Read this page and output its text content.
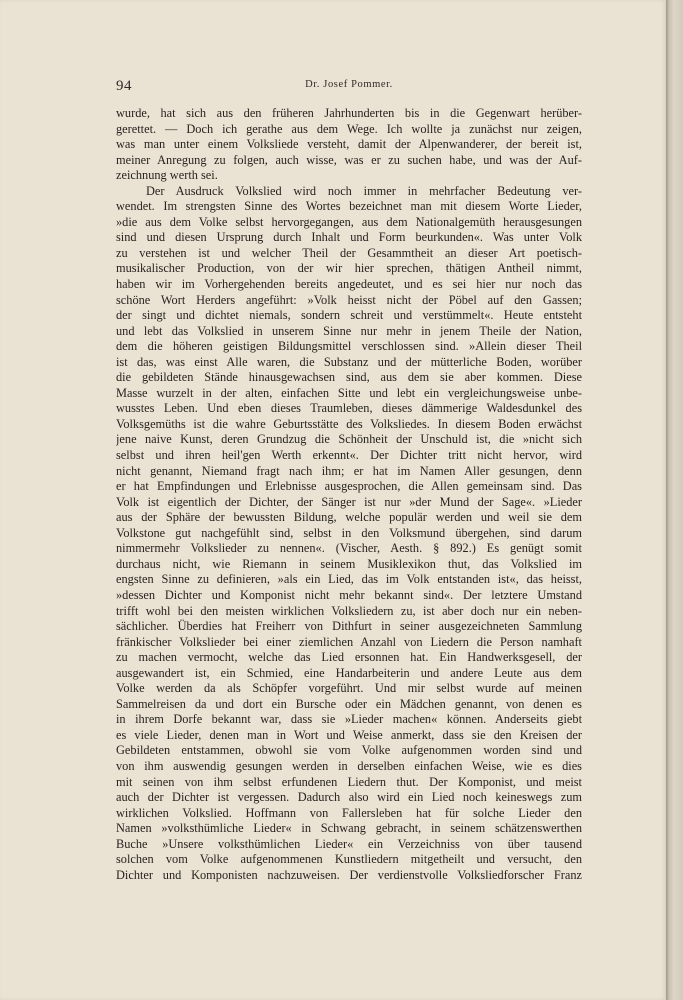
94	Dr. Josef Pommer.
wurde, hat sich aus den früheren Jahrhunderten bis in die Gegenwart herüber-
gerettet. — Doch ich gerathe aus dem Wege. Ich wollte ja zunächst nur zeigen,
was man unter einem Volksliede versteht, damit der Alpenwanderer, der bereit ist,
meiner Anregung zu folgen, auch wisse, was er zu suchen habe, und was der Auf-
zeichnung werth sei.
Der Ausdruck Volkslied wird noch immer in mehrfacher Bedeutung ver-
wendet. Im strengsten Sinne des Wortes bezeichnet man mit diesem Worte Lieder,
»die aus dem Volke selbst hervorgegangen, aus dem Nationalgemüth herausgesungen
sind und diesen Ursprung durch Inhalt und Form beurkunden«. Was unter Volk
zu verstehen ist und welcher Theil der Gesammtheit an dieser Art poetisch-
musikalischer Production, von der wir hier sprechen, thätigen Antheil nimmt,
haben wir im Vorhergehenden bereits angedeutet, und es sei hier nur noch das
schöne Wort Herders angeführt: »Volk heisst nicht der Pöbel auf den Gassen;
der singt und dichtet niemals, sondern schreit und verstümmelt«. Heute entsteht
und lebt das Volkslied in unserem Sinne nur mehr in jenem Theile der Nation,
dem die höheren geistigen Bildungsmittel verschlossen sind. »Allein dieser Theil
ist das, was einst Alle waren, die Substanz und der mütterliche Boden, worüber
die gebildeten Stände hinausgewachsen sind, aus dem sie aber kommen. Diese
Masse wurzelt in der alten, einfachen Sitte und lebt ein vergleichungsweise unbe-
wusstes Leben. Und eben dieses Traumleben, dieses dämmerige Waldesdunkel des
Volksgemüths ist die wahre Geburtsstätte des Volksliedes. In diesem Boden erwächst
jene naive Kunst, deren Grundzug die Schönheit der Unschuld ist, die »nicht sich
selbst und ihren heil'gen Werth erkennt«. Der Dichter tritt nicht hervor, wird
nicht genannt, Niemand fragt nach ihm; er hat im Namen Aller gesungen, denn
er hat Empfindungen und Erlebnisse ausgesprochen, die Allen gemeinsam sind. Das
Volk ist eigentlich der Dichter, der Sänger ist nur »der Mund der Sage«. »Lieder
aus der Sphäre der bewussten Bildung, welche populär werden und weil sie dem
Volkstone gut nachgefühlt sind, selbst in den Volksmund übergehen, sind darum
nimmermehr Volkslieder zu nennen«. (Vischer, Aesth. § 892.) Es genügt somit
durchaus nicht, wie Riemann in seinem Musiklexikon thut, das Volkslied im
engsten Sinne zu definieren, »als ein Lied, das im Volk entstanden ist«, das heisst,
»dessen Dichter und Komponist nicht mehr bekannt sind«. Der letztere Umstand
trifft wohl bei den meisten wirklichen Volksliedern zu, ist aber doch nur ein neben-
sächlicher. Überdies hat Freiherr von Dithfurt in seiner ausgezeichneten Sammlung
fränkischer Volkslieder bei einer ziemlichen Anzahl von Liedern die Person namhaft
zu machen vermocht, welche das Lied ersonnen hat. Ein Handwerksgesell, der
ausgewandert ist, ein Schmied, eine Handarbeiterin und andere Leute aus dem
Volke werden da als Schöpfer vorgeführt. Und mir selbst wurde auf meinen
Sammelreisen da und dort ein Bursche oder ein Mädchen genannt, von denen es
in ihrem Dorfe bekannt war, dass sie »Lieder machen« können. Anderseits giebt
es viele Lieder, denen man in Wort und Weise anmerkt, dass sie den Kreisen der
Gebildeten entstammen, obwohl sie vom Volke aufgenommen worden sind und
von ihm auswendig gesungen werden in derselben einfachen Weise, wie es dies
mit seinen von ihm selbst erfundenen Liedern thut. Der Komponist, und meist
auch der Dichter ist vergessen. Dadurch also wird ein Lied noch keineswegs zum
wirklichen Volkslied. Hoffmann von Fallersleben hat für solche Lieder den
Namen »volksthümliche Lieder« in Schwang gebracht, in seinem schätzenswerthen
Buche »Unsere volksthümlichen Lieder« ein Verzeichniss von über tausend
solchen vom Volke aufgenommenen Kunstliedern mitgetheilt und versucht, den
Dichter und Komponisten nachzuweisen. Der verdienstvolle Volksliedforscher Franz
